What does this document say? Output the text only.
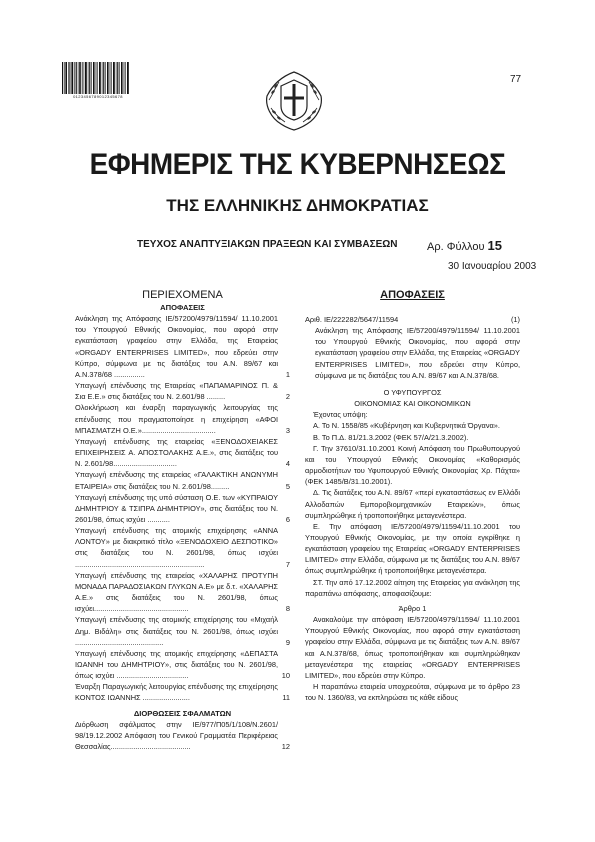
0123456789012345678
77
ΕΦΗΜΕΡΙΣ ΤΗΣ ΚΥΒΕΡΝΗΣΕΩΣ
ΤΗΣ ΕΛΛΗΝΙΚΗΣ ΔΗΜΟΚΡΑΤΙΑΣ
ΤΕΥΧΟΣ ΑΝΑΠΤΥΞΙΑΚΩΝ ΠΡΑΞΕΩΝ ΚΑΙ ΣΥΜΒΑΣΕΩΝ	Αρ. Φύλλου 15
30 Ιανουαρίου 2003

ΠΕΡΙΕΧΟΜΕΝΑ

ΑΠΟΦΑΣΕΙΣ

Ανάκληση της Απόφασης ΙΕ/57200/4979/11594/ 11.10.2001 του Υπουργού Εθνικής Οικονομίας, που αφορά στην εγκατάσταση γραφείου στην Ελλάδα, της Εταιρείας «ORGADY ENTERPRISES LIMITED», που εδρεύει στην Κύπρο, σύμφωνα με τις διατάξεις του Α.Ν. 89/67 και Α.Ν.378/68 ...............	1

Υπαγωγή επένδυσης της Εταιρείας «ΠΑΠΑΜΑΡΙΝΟΣ Π. & Σια Ε.Ε.» στις διατάξεις του Ν. 2.601/98 .........	2

Ολοκλήρωση και έναρξη παραγωγικής λειτουργίας της επένδυσης που πραγματοποίησε η επιχείρηση «ΑΦΟΙ ΜΠΑΣΜΑΤΖΗ Ο.Ε.»....................................	3

Υπαγωγή επένδυσης της εταιρείας «ΞΕΝΟΔΟΧΕΙΑΚΕΣ ΕΠΙΧΕΙΡΗΣΕΙΣ Α. ΑΠΟΣΤΟΛΑΚΗΣ Α.Ε.», στις διατάξεις του Ν. 2.601/98...............................	4

Υπαγωγή επένδυσης της εταιρείας «ΓΑΛΑΚΤΙΚΗ ΑΝΩΝΥΜΗ ΕΤΑΙΡΕΙΑ» στις διατάξεις του Ν. 2.601/98.........	5

Υπαγωγή επένδυσης της υπό σύσταση Ο.Ε. των «ΚΥΠΡΑΙΟΥ ΔΗΜΗΤΡΙΟΥ & ΤΣΙΠΡΑ ΔΗΜΗΤΡΙΟΥ», στις διατάξεις του Ν. 2601/98, όπως ισχύει ...........	6

Υπαγωγή επένδυσης της ατομικής επιχείρησης «ΑΝΝΑ ΛΟΝΤΟΥ» με διακριτικό τίτλο «ΞΕΝΟΔΟΧΕΙΟ ΔΕΣΠΟΤΙΚΟ» στις διατάξεις του Ν. 2601/98, όπως ισχύει ...............................................................	7

Υπαγωγή επένδυσης της εταιρείας «ΧΑΛΑΡΗΣ ΠΡΟΤΥΠΗ ΜΟΝΑΔΑ ΠΑΡΑΔΟΣΙΑΚΩΝ ΓΛΥΚΩΝ Α.Ε» με δ.τ. «ΧΑΛΑΡΗΣ Α.Ε.» στις διατάξεις του Ν. 2601/98, όπως ισχύει..............................................	8

Υπαγωγή επένδυσης της ατομικής επιχείρησης του «Μιχαήλ Δημ. Βιδάλη» στις διατάξεις του Ν. 2601/98, όπως ισχύει ...........................................	9

Υπαγωγή επένδυσης της ατομικής επιχείρησης «ΔΕΠΑΣΤΑ ΙΩΑΝΝΗ του ΔΗΜΗΤΡΙΟΥ», στις διατάξεις του Ν. 2601/98, όπως ισχύει ...................................	10

Έναρξη Παραγωγικής λειτουργίας επένδυσης της επιχείρησης ΚΟΝΤΟΣ ΙΩΑΝΝΗΣ .......................	11

ΔΙΟΡΘΩΣΕΙΣ ΣΦΑΛΜΑΤΩΝ

Διόρθωση σφάλματος στην ΙΕ/977/Π05/1/108/Ν.2601/ 98/19.12.2002 Απόφαση του Γενικού Γραμματέα Περιφέρειας Θεσσαλίας.......................................	12

ΑΠΟΦΑΣΕΙΣ

Αριθ. ΙΕ/222282/5647/11594	(1)

Ανάκληση της Απόφασης ΙΕ/57200/4979/11594/ 11.10.2001 του Υπουργού Εθνικής Οικονομίας, που αφορά στην εγκατάσταση γραφείου στην Ελλάδα, της Εταιρείας «ORGADY ENTERPRISES LIMITED», που εδρεύει στην Κύπρο, σύμφωνα με τις διατάξεις του Α.Ν. 89/67 και Α.Ν.378/68.

Ο ΥΦΥΠΟΥΡΓΟΣ

ΟΙΚΟΝΟΜΙΑΣ ΚΑΙ ΟΙΚΟΝΟΜΙΚΩΝ

Έχοντας υπόψη:

Α. Το Ν. 1558/85 «Κυβέρνηση και Κυβερνητικά Όργανα».

Β. Το Π.Δ. 81/21.3.2002 (ΦΕΚ 57/Α/21.3.2002).

Γ. Την 37610/31.10.2001 Κοινή Απόφαση του Πρωθυπουργού και του Υπουργού Εθνικής Οικονομίας «Καθορισμός αρμοδιοτήτων του Υφυπουργού Εθνικής Οικονομίας Χρ. Πάχτα» (ΦΕΚ 1485/Β/31.10.2001).

Δ. Τις διατάξεις του Α.Ν. 89/67 «περί εγκαταστάσεως εν Ελλάδι Αλλοδαπών Εμπορoβιομηχανικών Εταιρειών», όπως συμπληρώθηκε ή τροποποιήθηκε μεταγενέστερα.

Ε. Την απόφαση ΙΕ/57200/4979/11594/11.10.2001 του Υπουργού Εθνικής Οικονομίας, με την οποία εγκρίθηκε η εγκατάσταση γραφείου της Εταιρείας «ORGADY ENTERPRISES LIMITED» στην Ελλάδα, σύμφωνα με τις διατάξεις του Α.Ν. 89/67 όπως συμπληρώθηκε ή τροποποιήθηκε μεταγενέστερα.

ΣΤ. Την από 17.12.2002 αίτηση της Εταιρείας για ανάκληση της παραπάνω απόφασης, αποφασίζουμε:

Άρθρο 1

Ανακαλούμε την απόφαση ΙΕ/57200/4979/11594/ 11.10.2001 Υπουργού Εθνικής Οικονομίας, που αφορά στην εγκατάσταση γραφείου στην Ελλάδα, σύμφωνα με τις διατάξεις των Α.Ν. 89/67 και Α.Ν.378/68, όπως τροποποιήθηκαν και συμπληρώθηκαν μεταγενέστερα της εταιρείας «ORGADY ENTERPRISES LIMITED», που εδρεύει στην Κύπρο.

Η παραπάνω εταιρεία υποχρεούται, σύμφωνα με το άρθρο 23 του Ν. 1360/83, να εκπληρώσει τις κάθε είδους
